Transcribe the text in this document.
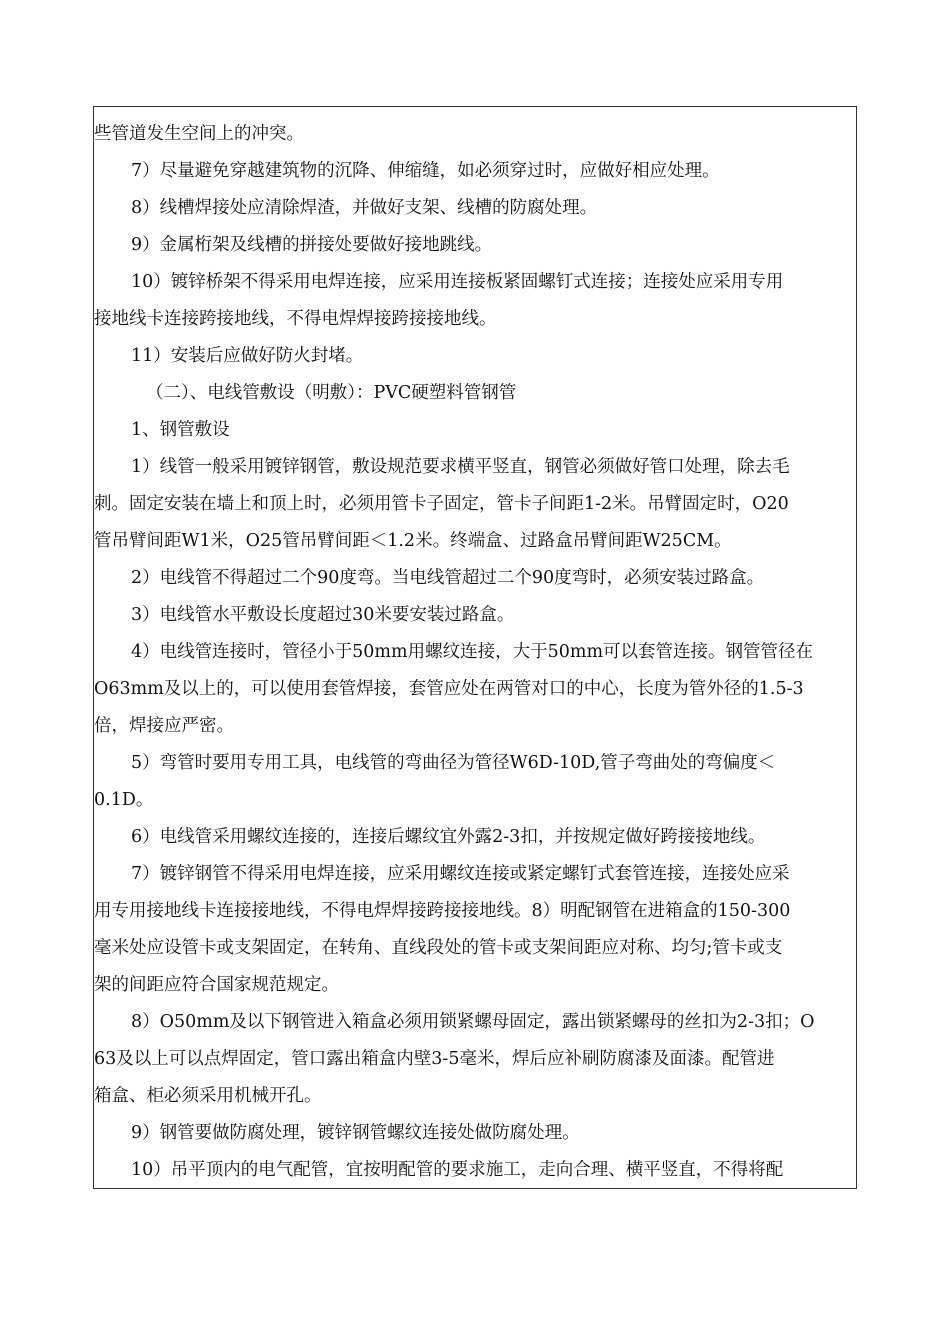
些管道发生空间上的冲突。

7）尽量避免穿越建筑物的沉降、伸缩缝，如必须穿过时，应做好相应处理。

8）线槽焊接处应清除焊渣，并做好支架、线槽的防腐处理。

9）金属桁架及线槽的拼接处要做好接地跳线。

10）镀锌桥架不得采用电焊连接，应采用连接板紧固螺钉式连接；连接处应采用专用

接地线卡连接跨接地线，不得电焊焊接跨接接地线。

11）安装后应做好防火封堵。

（二）、电线管敷设（明敷）：PVC硬塑料管钢管

1、钢管敷设

1）线管一般采用镀锌钢管，敷设规范要求横平竖直，钢管必须做好管口处理，除去毛

刺。固定安装在墙上和顶上时，必须用管卡子固定，管卡子间距1-2米。吊臂固定时，O20

管吊臂间距W1米，O25管吊臂间距＜1.2米。终端盒、过路盒吊臂间距W25CM。

2）电线管不得超过二个90度弯。当电线管超过二个90度弯时，必须安装过路盒。

3）电线管水平敷设长度超过30米要安装过路盒。

4）电线管连接时，管径小于50mm用螺纹连接，大于50mm可以套管连接。钢管管径在

O63mm及以上的，可以使用套管焊接，套管应处在两管对口的中心，长度为管外径的1.5-3

倍，焊接应严密。

5）弯管时要用专用工具，电线管的弯曲径为管径W6D-10D,管子弯曲处的弯偏度＜

0.1D。

6）电线管采用螺纹连接的，连接后螺纹宜外露2-3扣，并按规定做好跨接接地线。

7）镀锌钢管不得采用电焊连接，应采用螺纹连接或紧定螺钉式套管连接，连接处应采

用专用接地线卡连接接地线，不得电焊焊接跨接接地线。8）明配钢管在进箱盒的150-300

毫米处应设管卡或支架固定，在转角、直线段处的管卡或支架间距应对称、均匀;管卡或支

架的间距应符合国家规范规定。

8）O50mm及以下钢管进入箱盒必须用锁紧螺母固定，露出锁紧螺母的丝扣为2-3扣；O

63及以上可以点焊固定，管口露出箱盒内壁3-5毫米，焊后应补刷防腐漆及面漆。配管进

箱盒、柜必须采用机械开孔。

9）钢管要做防腐处理，镀锌钢管螺纹连接处做防腐处理。

10）吊平顶内的电气配管，宜按明配管的要求施工，走向合理、横平竖直，不得将配
